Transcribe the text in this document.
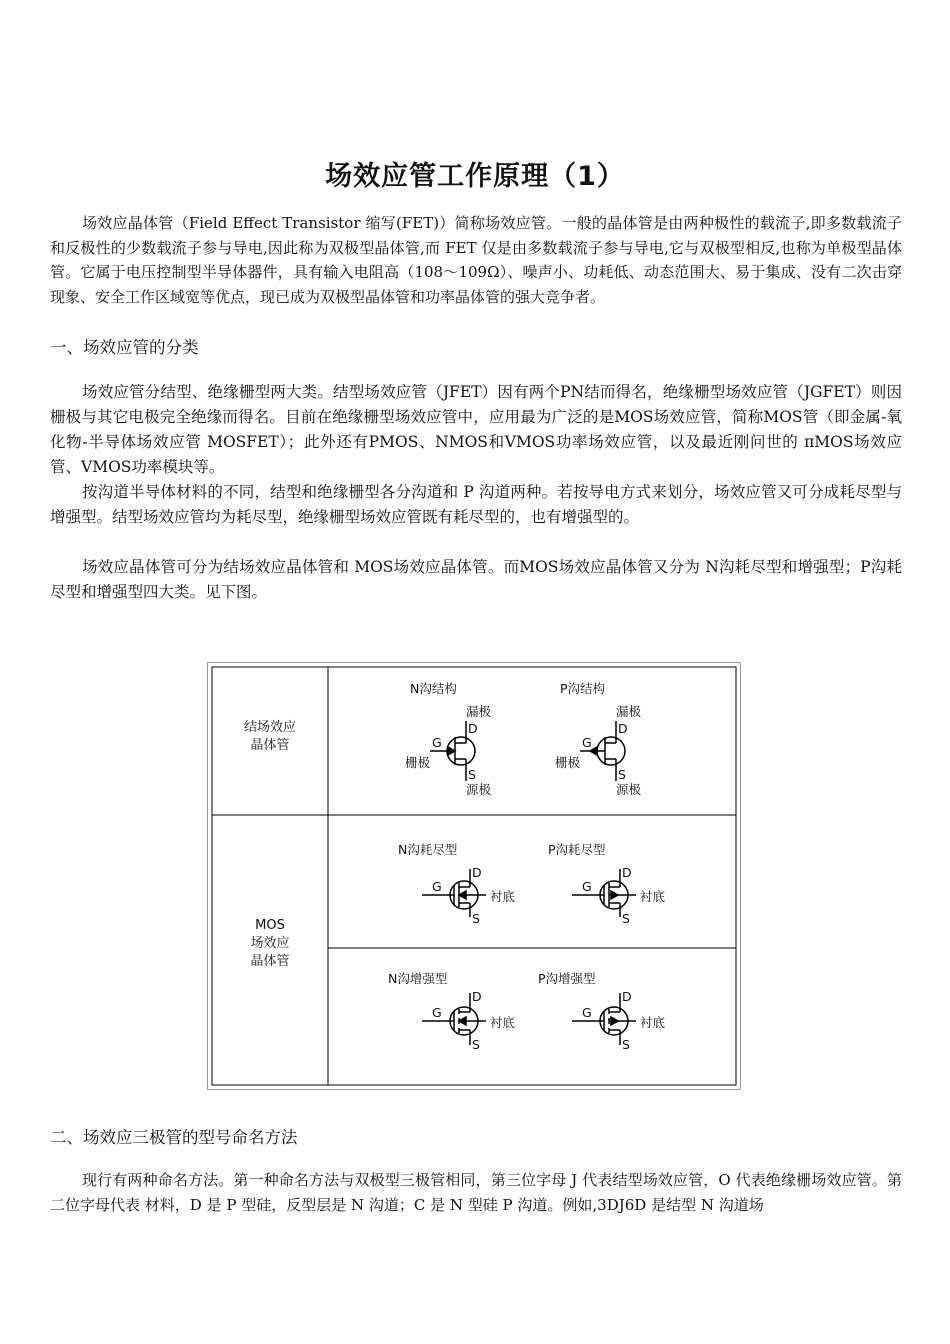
场效应管工作原理（1）

场效应晶体管（Field Effect Transistor 缩写(FET)）简称场效应管。一般的晶体管是由两种极性的载流子,即多数载流子和反极性的少数载流子参与导电,因此称为双极型晶体管,而 FET 仅是由多数载流子参与导电,它与双极型相反,也称为单极型晶体管。它属于电压控制型半导体器件，具有输入电阻高（108～109Ω）、噪声小、功耗低、动态范围大、易于集成、没有二次击穿现象、安全工作区域宽等优点，现已成为双极型晶体管和功率晶体管的强大竞争者。

一、场效应管的分类

场效应管分结型、绝缘栅型两大类。结型场效应管（JFET）因有两个PN结而得名，绝缘栅型场效应管（JGFET）则因栅极与其它电极完全绝缘而得名。目前在绝缘栅型场效应管中，应用最为广泛的是MOS场效应管，简称MOS管（即金属-氧化物-半导体场效应管 MOSFET）；此外还有PMOS、NMOS和VMOS功率场效应管，以及最近刚问世的 πMOS场效应管、VMOS功率模块等。

按沟道半导体材料的不同，结型和绝缘栅型各分沟道和 P 沟道两种。若按导电方式来划分，场效应管又可分成耗尽型与增强型。结型场效应管均为耗尽型，绝缘栅型场效应管既有耗尽型的，也有增强型的。

场效应晶体管可分为结场效应晶体管和 MOS场效应晶体管。而MOS场效应晶体管又分为 N沟耗尽型和增强型；P沟耗尽型和增强型四大类。见下图。

结场效应
晶体管
MOS
场效应
晶体管
N沟结构
漏极
D
G
栅极
S
源极
P沟结构
漏极
D
G
栅极
S
源极
N沟耗尽型
D
G
衬底
S
P沟耗尽型
D
G
衬底
S
N沟增强型
D
G
衬底
S
P沟增强型
D
G
衬底
S

二、场效应三极管的型号命名方法

现行有两种命名方法。第一种命名方法与双极型三极管相同，第三位字母 J 代表结型场效应管，O 代表绝缘栅场效应管。第二位字母代表 材料，D 是 P 型硅，反型层是 N 沟道；C 是 N 型硅 P 沟道。例如,3DJ6D 是结型 N 沟道场
